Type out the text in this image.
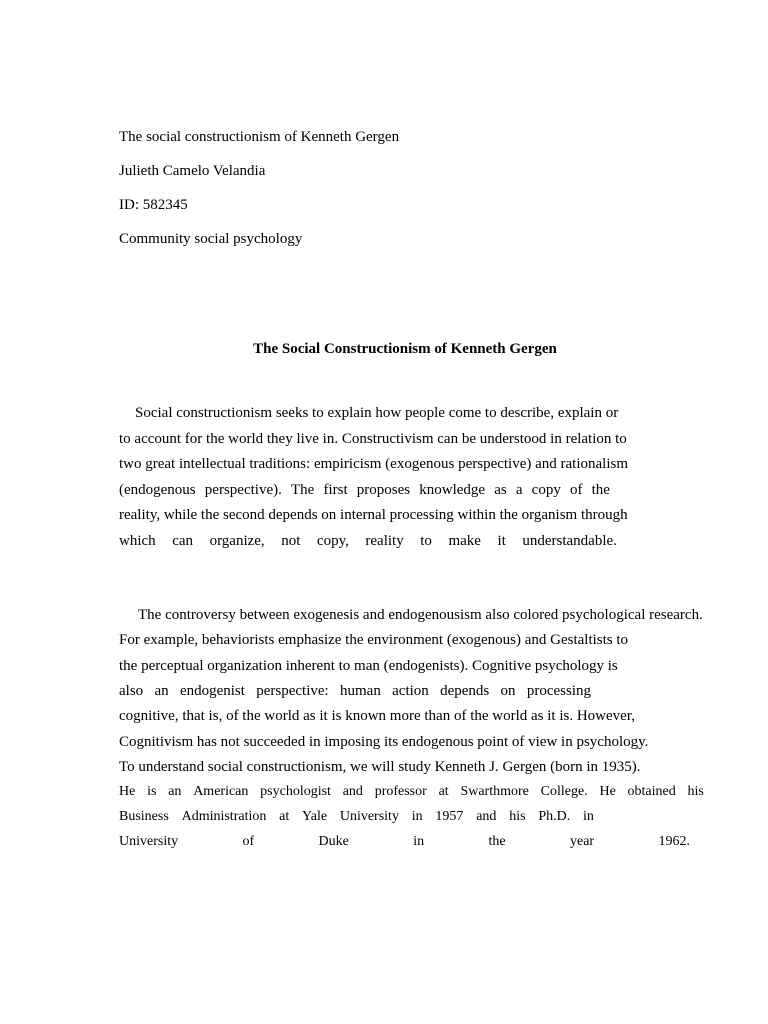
The social constructionism of Kenneth Gergen
Julieth Camelo Velandia
ID: 582345
Community social psychology
The Social Constructionism of Kenneth Gergen
Social constructionism seeks to explain how people come to describe, explain or
to account for the world they live in. Constructivism can be understood in relation to
two great intellectual traditions: empiricism (exogenous perspective) and rationalism
(endogenous perspective). The first proposes knowledge as a copy of the
reality, while the second depends on internal processing within the organism through
which can organize, not copy, reality to make it understandable.
The controversy between exogenesis and endogenousism also colored psychological research.
For example, behaviorists emphasize the environment (exogenous) and Gestaltists to
the perceptual organization inherent to man (endogenists). Cognitive psychology is
also an endogenist perspective: human action depends on processing
cognitive, that is, of the world as it is known more than of the world as it is. However,
Cognitivism has not succeeded in imposing its endogenous point of view in psychology.
To understand social constructionism, we will study Kenneth J. Gergen (born in 1935).
He is an American psychologist and professor at Swarthmore College. He obtained his
Business Administration at Yale University in 1957 and his Ph.D. in
University	of	Duke	in	the	year	1962.
